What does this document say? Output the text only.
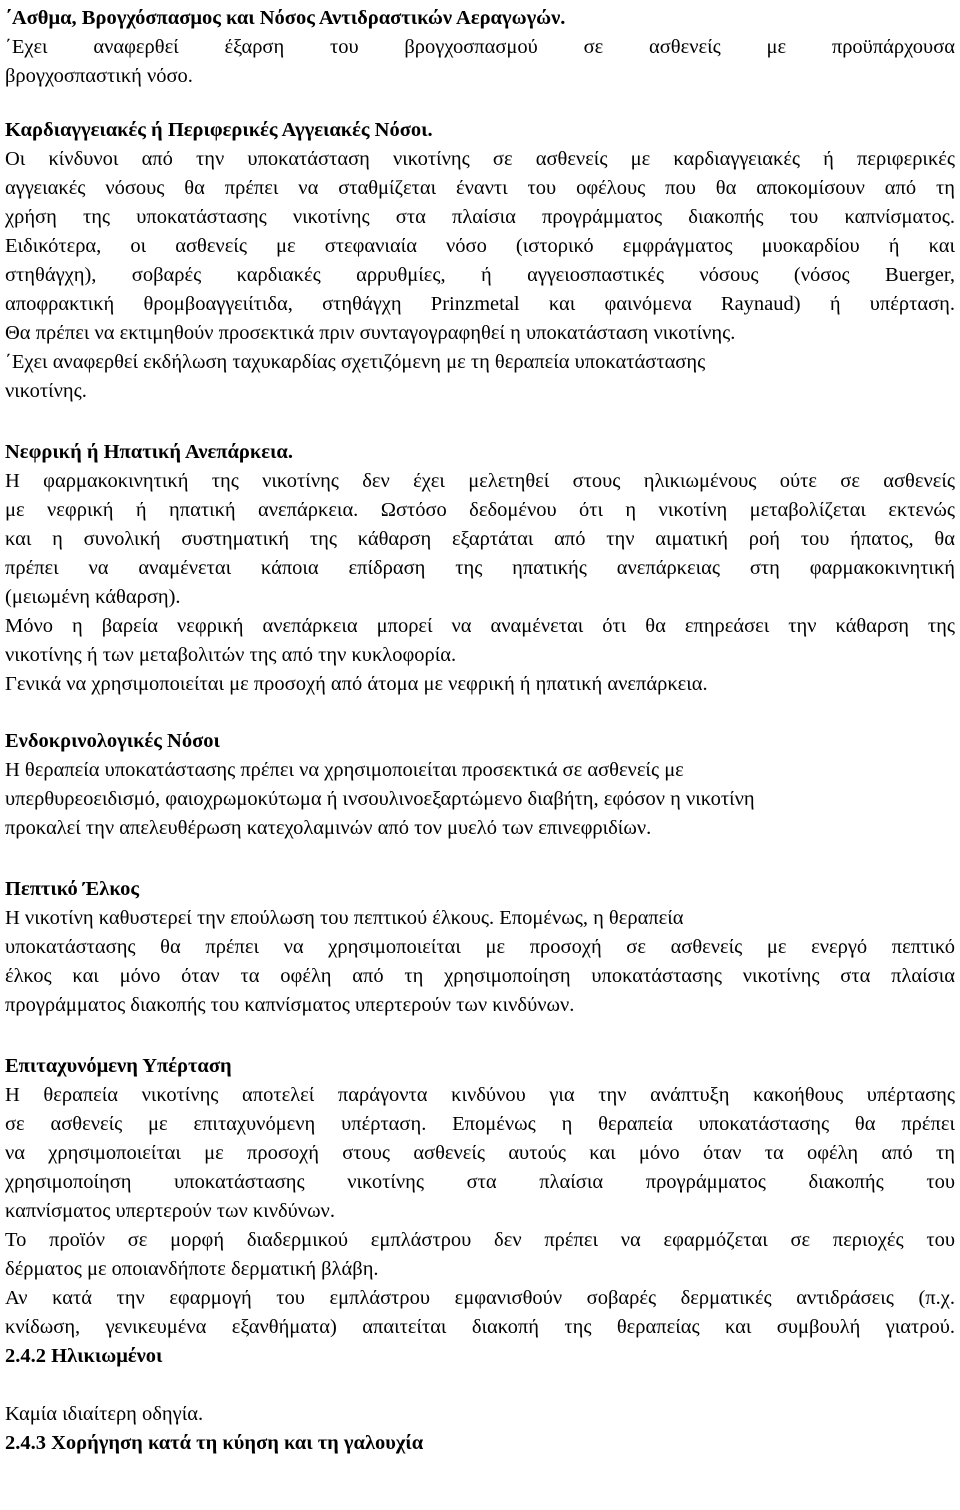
΄Ασθμα, Βρογχόσπασμος και Νόσος Αντιδραστικών Αεραγωγών.
΄Εχει αναφερθεί έξαρση του βρογχοσπασμού σε ασθενείς με προϋπάρχουσα
βρογχοσπαστική νόσο.
Καρδιαγγειακές ή Περιφερικές Αγγειακές Νόσοι.
Οι κίνδυνοι από την υποκατάσταση νικοτίνης σε ασθενείς με καρδιαγγειακές ή περιφερικές
αγγειακές νόσους θα πρέπει να σταθμίζεται έναντι του οφέλους που θα αποκομίσουν από τη
χρήση της υποκατάστασης νικοτίνης στα πλαίσια προγράμματος διακοπής του καπνίσματος.
Ειδικότερα, οι ασθενείς με στεφανιαία νόσο (ιστορικό εμφράγματος μυοκαρδίου ή και
στηθάγχη), σοβαρές καρδιακές αρρυθμίες, ή αγγειοσπαστικές νόσους (νόσος Buerger,
αποφρακτική θρομβοαγγειίτιδα, στηθάγχη Prinzmetal και φαινόμενα Raynaud) ή υπέρταση.
Θα πρέπει να εκτιμηθούν προσεκτικά πριν συνταγογραφηθεί η υποκατάσταση νικοτίνης.
΄Εχει αναφερθεί εκδήλωση ταχυκαρδίας σχετιζόμενη με τη θεραπεία υποκατάστασης
νικοτίνης.
Νεφρική ή Ηπατική Ανεπάρκεια.
Η φαρμακοκινητική της νικοτίνης δεν έχει μελετηθεί στους ηλικιωμένους ούτε σε ασθενείς
με νεφρική ή ηπατική ανεπάρκεια. Ωστόσο δεδομένου ότι η νικοτίνη μεταβολίζεται εκτενώς
και η συνολική συστηματική της κάθαρση εξαρτάται από την αιματική ροή του ήπατος, θα
πρέπει να αναμένεται κάποια επίδραση της ηπατικής ανεπάρκειας στη φαρμακοκινητική
(μειωμένη κάθαρση).
Μόνο η βαρεία νεφρική ανεπάρκεια μπορεί να αναμένεται ότι θα επηρεάσει την κάθαρση της
νικοτίνης ή των μεταβολιτών της από την κυκλοφορία.
Γενικά να χρησιμοποιείται με προσοχή από άτομα με νεφρική ή ηπατική ανεπάρκεια.
Ενδοκρινολογικές Νόσοι
Η θεραπεία υποκατάστασης πρέπει να χρησιμοποιείται προσεκτικά σε ασθενείς με
υπερθυρεοειδισμό, φαιοχρωμοκύτωμα ή ινσουλινοεξαρτώμενο διαβήτη, εφόσον η νικοτίνη
προκαλεί την απελευθέρωση κατεχολαμινών από τον μυελό των επινεφριδίων.
Πεπτικό Έλκος
Η νικοτίνη καθυστερεί την επούλωση του πεπτικού έλκους. Επομένως, η θεραπεία
υποκατάστασης θα πρέπει να χρησιμοποιείται με προσοχή σε ασθενείς με ενεργό πεπτικό
έλκος και μόνο όταν τα οφέλη από τη χρησιμοποίηση υποκατάστασης νικοτίνης στα πλαίσια
προγράμματος διακοπής του καπνίσματος υπερτερούν των κινδύνων.
Επιταχυνόμενη Υπέρταση
Η θεραπεία νικοτίνης αποτελεί παράγοντα κινδύνου για την ανάπτυξη κακοήθους υπέρτασης
σε ασθενείς με επιταχυνόμενη υπέρταση. Επομένως η θεραπεία υποκατάστασης θα πρέπει
να χρησιμοποιείται με προσοχή στους ασθενείς αυτούς και μόνο όταν τα οφέλη από τη
χρησιμοποίηση υποκατάστασης νικοτίνης στα πλαίσια προγράμματος διακοπής του
καπνίσματος υπερτερούν των κινδύνων.
Το προϊόν σε μορφή διαδερμικού εμπλάστρου δεν πρέπει να εφαρμόζεται σε περιοχές του
δέρματος με οποιανδήποτε δερματική βλάβη.
Αν κατά την εφαρμογή του εμπλάστρου εμφανισθούν σοβαρές δερματικές αντιδράσεις (π.χ.
κνίδωση, γενικευμένα εξανθήματα) απαιτείται διακοπή της θεραπείας και συμβουλή γιατρού.
2.4.2 Ηλικιωμένοι
Καμία ιδιαίτερη οδηγία.
2.4.3 Χορήγηση κατά τη κύηση και τη γαλουχία
